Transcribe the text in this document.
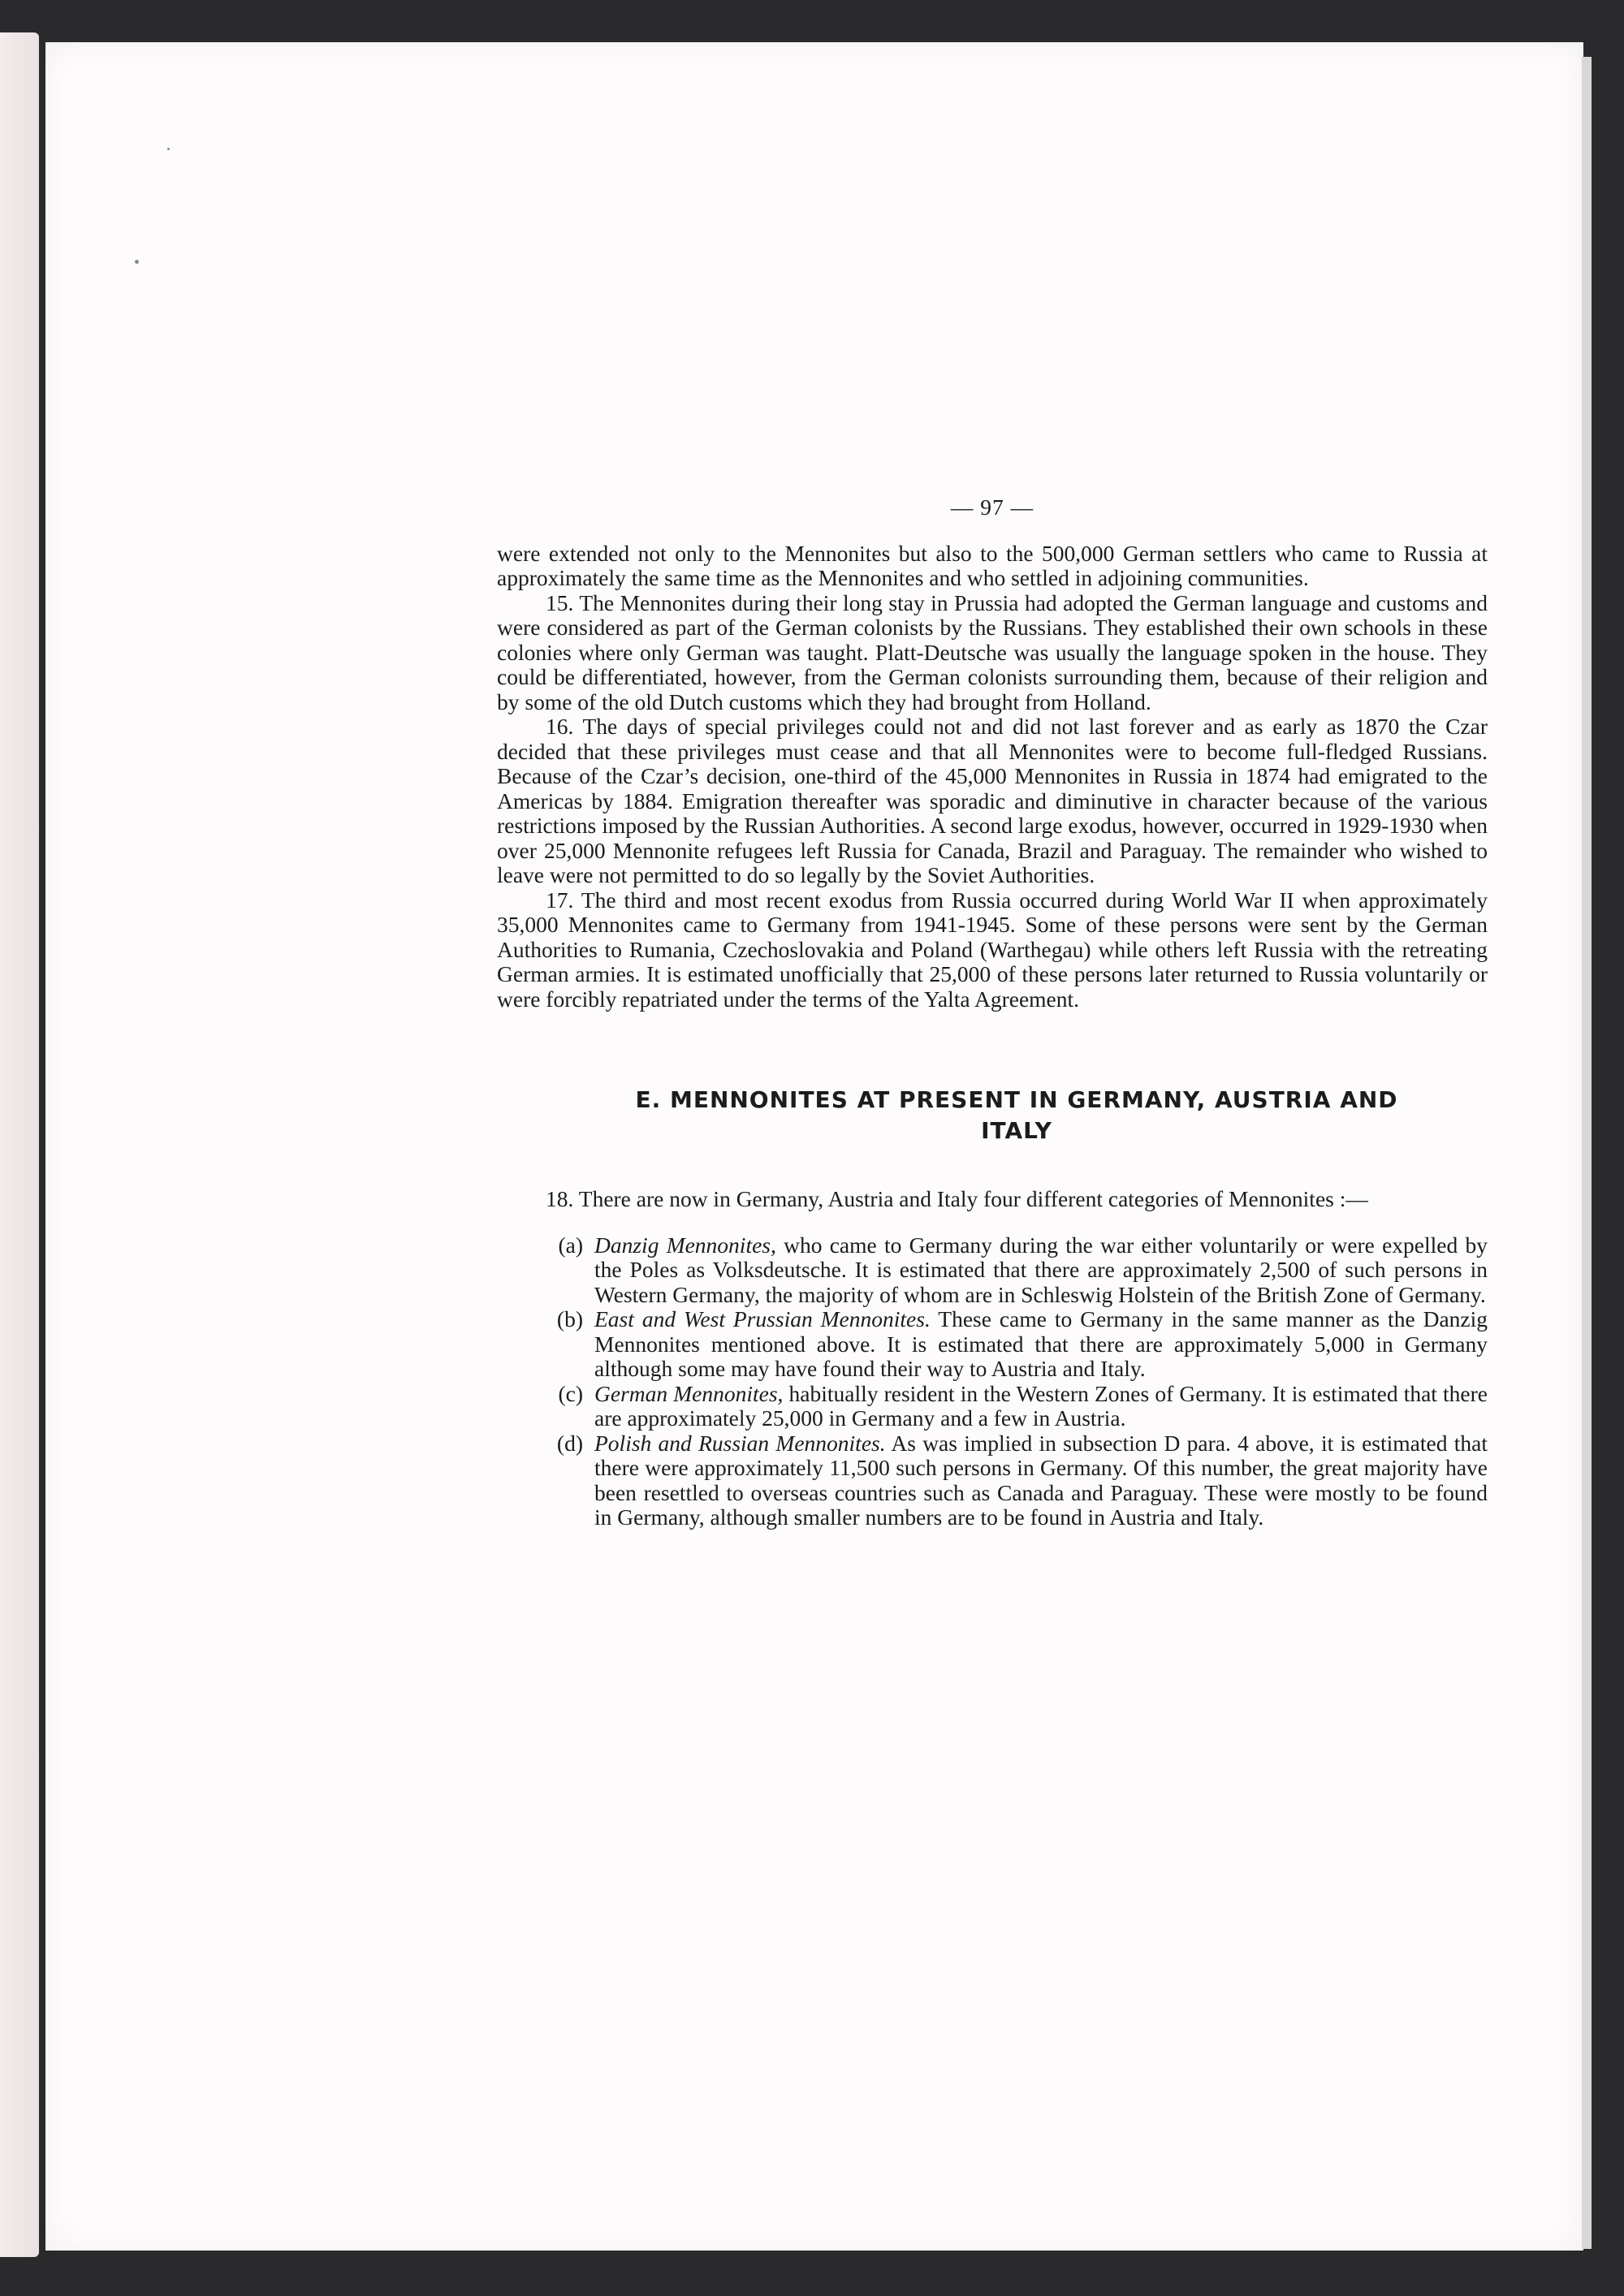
— 97 —

were extended not only to the Mennonites but also to the 500,000 German settlers who came to Russia at approximately the same time as the Mennonites and who settled in adjoining communities.

15. The Mennonites during their long stay in Prussia had adopted the German language and customs and were considered as part of the German colonists by the Russians. They established their own schools in these colonies where only German was taught. Platt-Deutsche was usually the language spoken in the house. They could be differentiated, however, from the German colonists surrounding them, because of their religion and by some of the old Dutch customs which they had brought from Holland.

16. The days of special privileges could not and did not last forever and as early as 1870 the Czar decided that these privileges must cease and that all Mennonites were to become full-fledged Russians. Because of the Czar’s decision, one-third of the 45,000 Mennonites in Russia in 1874 had emigrated to the Americas by 1884. Emigration thereafter was sporadic and diminutive in character because of the various restrictions imposed by the Russian Authorities. A second large exodus, however, occurred in 1929-1930 when over 25,000 Mennonite refugees left Russia for Canada, Brazil and Paraguay. The remainder who wished to leave were not permitted to do so legally by the Soviet Authorities.

17. The third and most recent exodus from Russia occurred during World War II when approximately 35,000 Mennonites came to Germany from 1941-1945. Some of these persons were sent by the German Authorities to Rumania, Czechoslovakia and Poland (Warthegau) while others left Russia with the retreating German armies. It is estimated unofficially that 25,000 of these persons later returned to Russia voluntarily or were forcibly repatriated under the terms of the Yalta Agreement.

E. MENNONITES AT PRESENT IN GERMANY, AUSTRIA AND ITALY

18. There are now in Germany, Austria and Italy four different categories of Mennonites :—

(a) Danzig Mennonites, who came to Germany during the war either voluntarily or were expelled by the Poles as Volksdeutsche. It is estimated that there are approximately 2,500 of such persons in Western Germany, the majority of whom are in Schleswig Holstein of the British Zone of Germany.
(b) East and West Prussian Mennonites. These came to Germany in the same manner as the Danzig Mennonites mentioned above. It is estimated that there are approximately 5,000 in Germany although some may have found their way to Austria and Italy.
(c) German Mennonites, habitually resident in the Western Zones of Germany. It is estimated that there are approximately 25,000 in Germany and a few in Austria.
(d) Polish and Russian Mennonites. As was implied in subsection D para. 4 above, it is estimated that there were approximately 11,500 such persons in Germany. Of this number, the great majority have been resettled to overseas countries such as Canada and Paraguay. These were mostly to be found in Germany, although smaller numbers are to be found in Austria and Italy.
